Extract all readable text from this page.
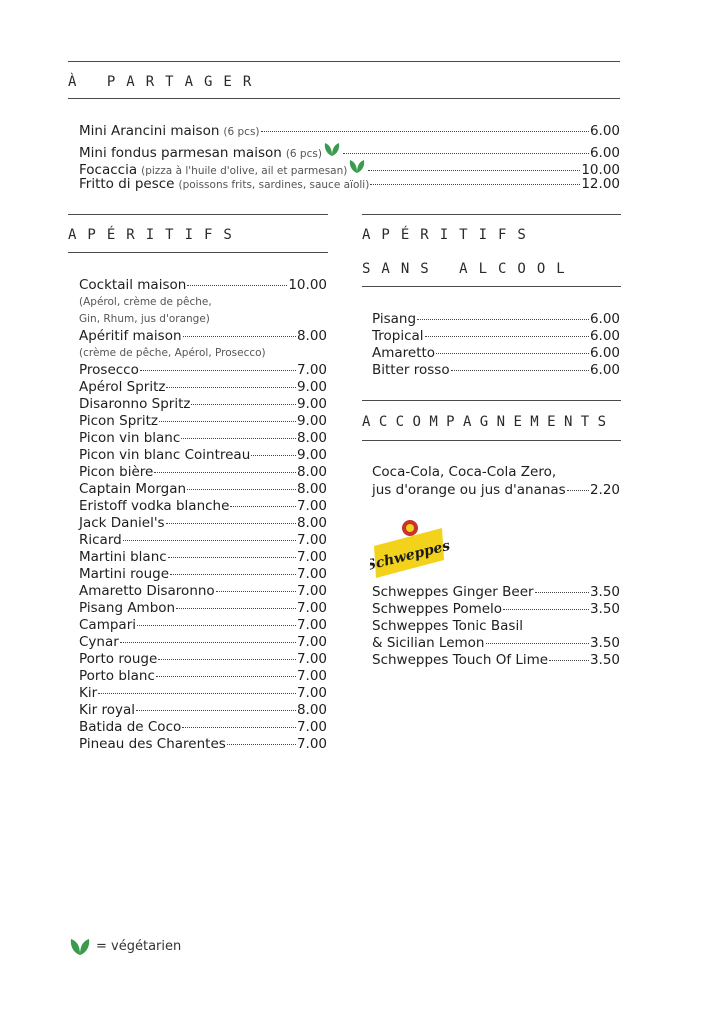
À PARTAGER
Mini Arancini maison (6 pcs)	6.00
Mini fondus parmesan maison (6 pcs)	6.00
Focaccia (pizza à l'huile d'olive, ail et parmesan)	10.00
Fritto di pesce (poissons frits, sardines, sauce aïoli)	12.00
APÉRITIFS
Cocktail maison	10.00
(Apérol, crème de pêche,
Gin, Rhum, jus d'orange)
Apéritif maison	8.00
(crème de pêche, Apérol, Prosecco)
Prosecco	7.00
Apérol Spritz	9.00
Disaronno Spritz	9.00
Picon Spritz	9.00
Picon vin blanc	8.00
Picon vin blanc Cointreau	9.00
Picon bière	8.00
Captain Morgan	8.00
Eristoff vodka blanche	7.00
Jack Daniel's	8.00
Ricard	7.00
Martini blanc	7.00
Martini rouge	7.00
Amaretto Disaronno	7.00
Pisang Ambon	7.00
Campari	7.00
Cynar	7.00
Porto rouge	7.00
Porto blanc	7.00
Kir	7.00
Kir royal	8.00
Batida de Coco	7.00
Pineau des Charentes	7.00
APÉRITIFS
SANS ALCOOL
Pisang	6.00
Tropical	6.00
Amaretto	6.00
Bitter rosso	6.00
ACCOMPAGNEMENTS
Coca-Cola, Coca-Cola Zero,
jus d'orange ou jus d'ananas 2.20
Schweppes
Schweppes Ginger Beer	3.50
Schweppes Pomelo	3.50
Schweppes Tonic Basil
& Sicilian Lemon	3.50
Schweppes Touch Of Lime	3.50
= végétarien
